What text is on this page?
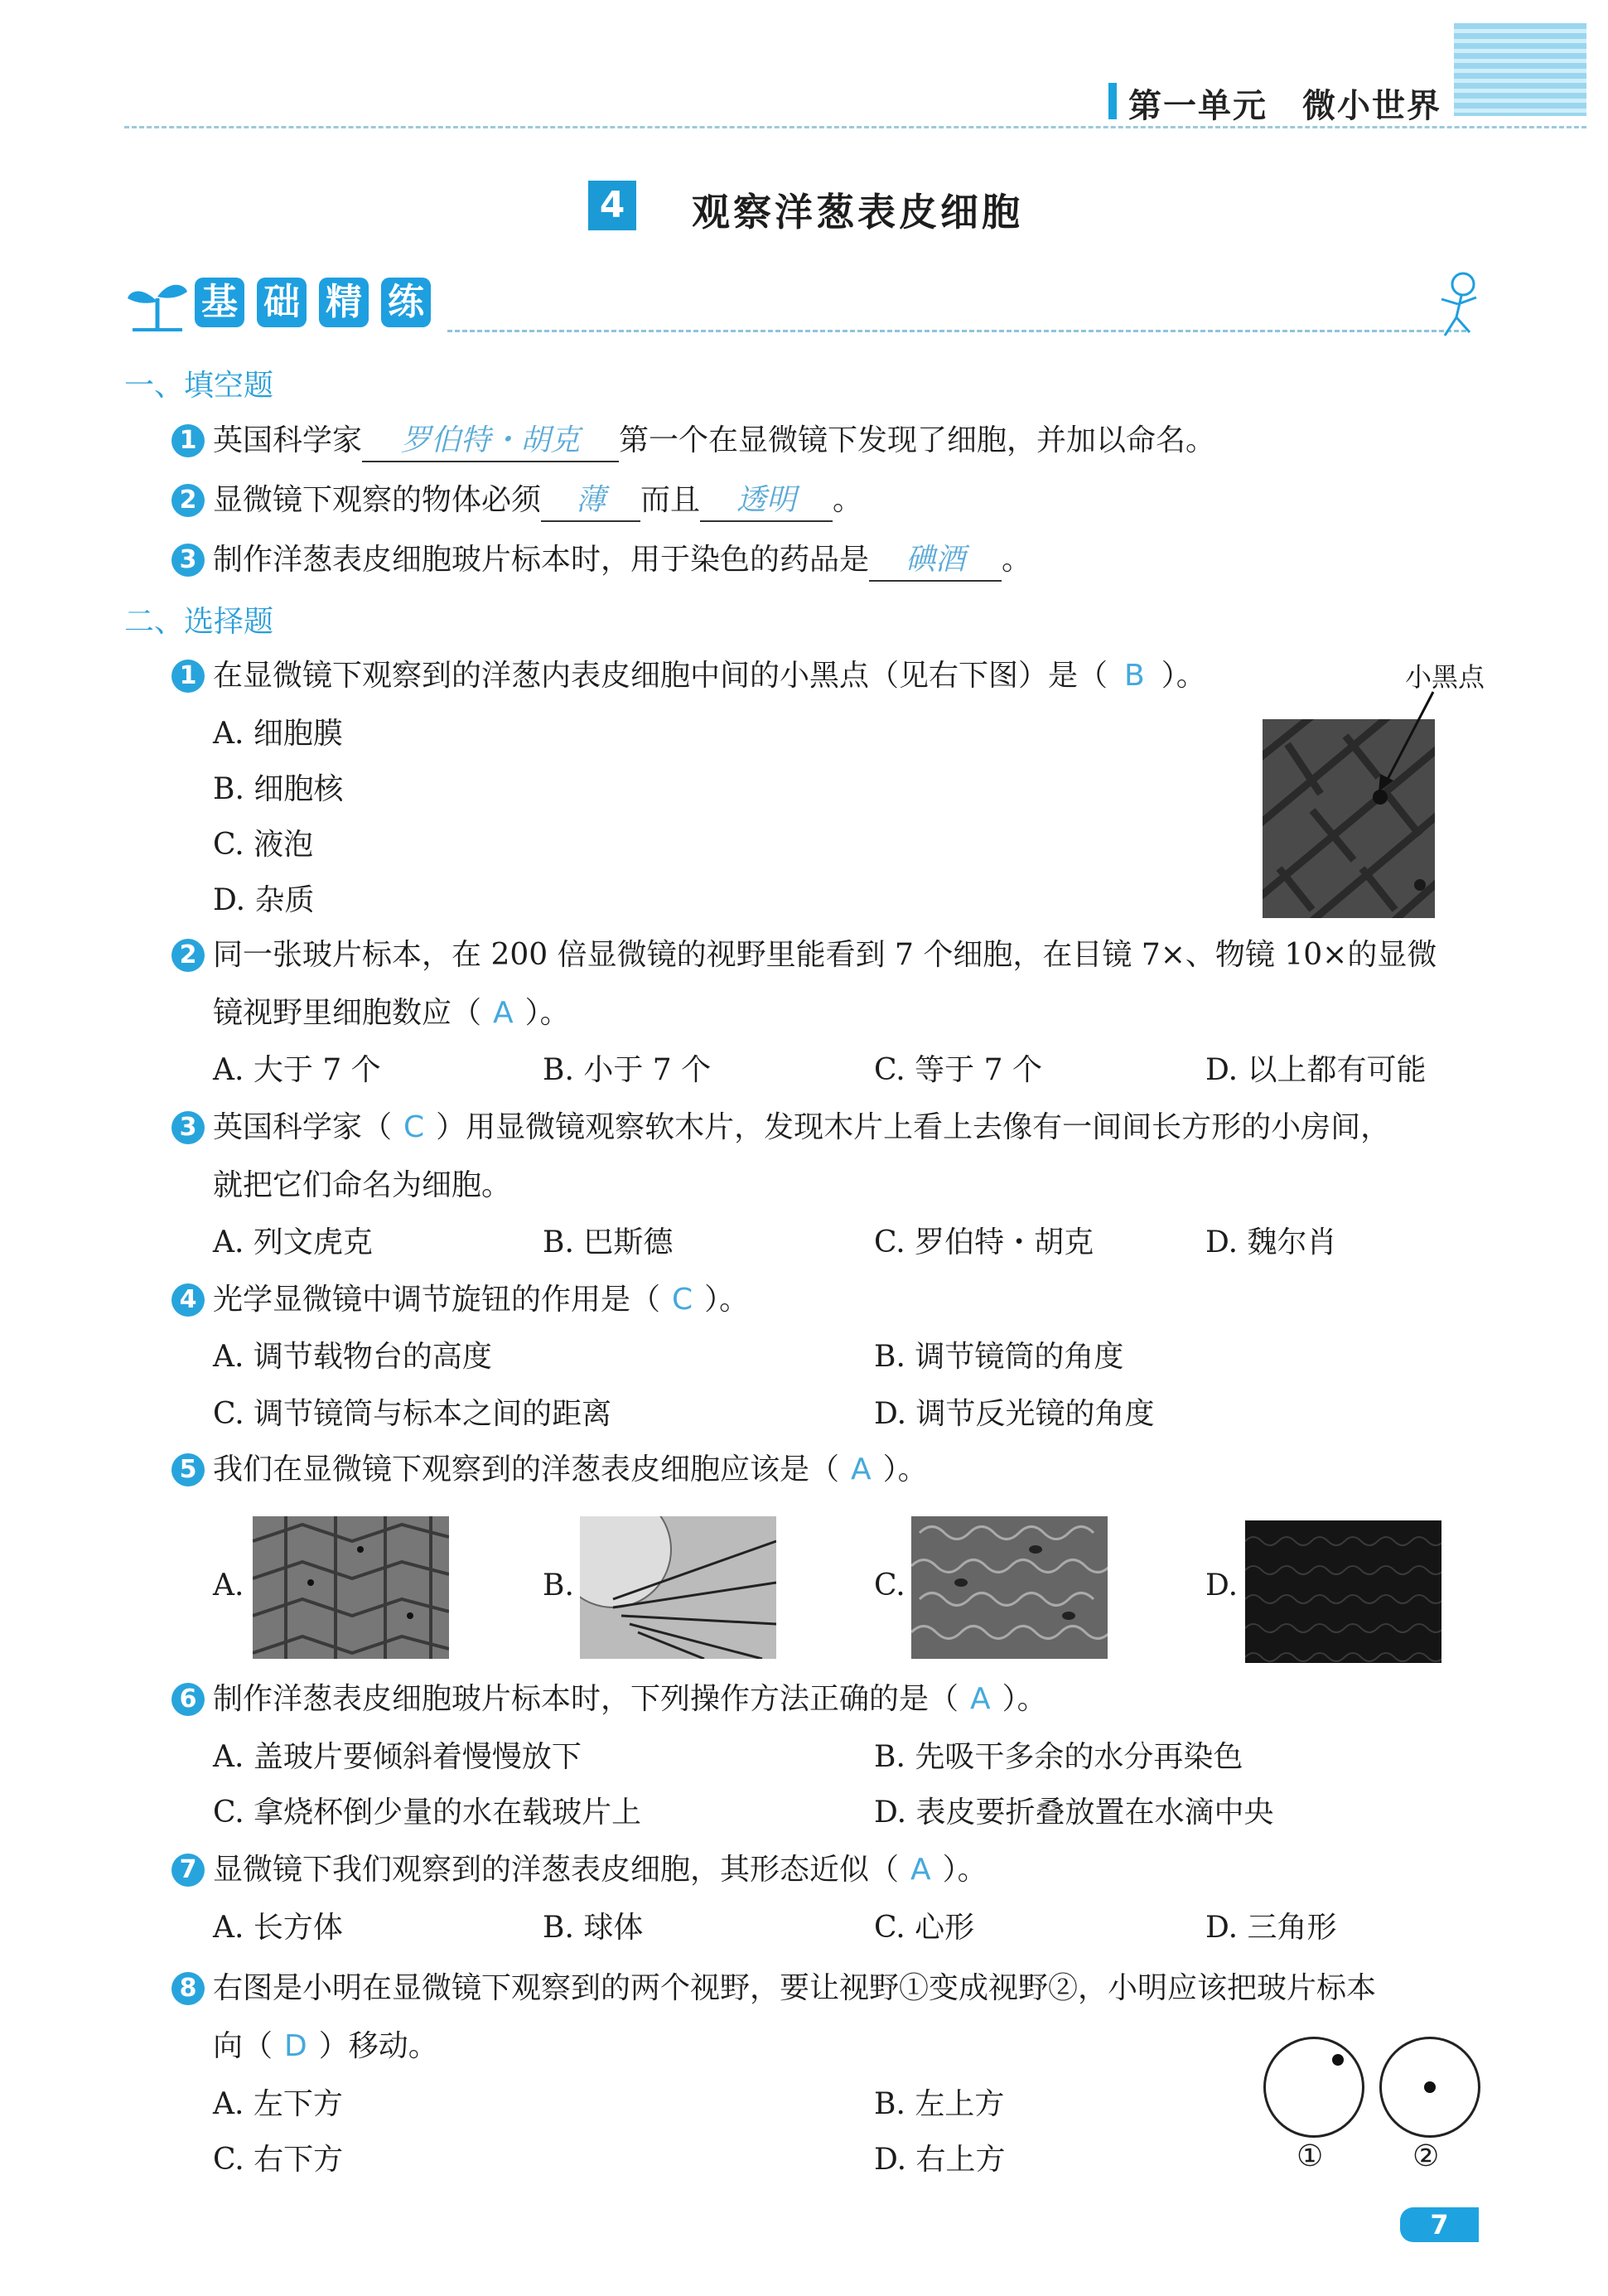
第一单元　微小世界
4 观察洋葱表皮细胞
基 础 精 练
一、填空题
1 英国科学家 罗伯特・胡克 第一个在显微镜下发现了细胞，并加以命名。
2 显微镜下观察的物体必须 薄 而且 透明 。
3 制作洋葱表皮细胞玻片标本时，用于染色的药品是 碘酒 。
二、选择题
1 在显微镜下观察到的洋葱内表皮细胞中间的小黑点（见右下图）是（ B ）。	小黑点
A. 细胞膜
B. 细胞核
C. 液泡
D. 杂质
2 同一张玻片标本，在 200 倍显微镜的视野里能看到 7 个细胞，在目镜 7×、物镜 10×的显微
镜视野里细胞数应（ A ）。
A. 大于 7 个	B. 小于 7 个	C. 等于 7 个	D. 以上都有可能
3 英国科学家（ C ）用显微镜观察软木片，发现木片上看上去像有一间间长方形的小房间，
就把它们命名为细胞。
A. 列文虎克	B. 巴斯德	C. 罗伯特・胡克	D. 魏尔肖
4 光学显微镜中调节旋钮的作用是（ C ）。
A. 调节载物台的高度	B. 调节镜筒的角度
C. 调节镜筒与标本之间的距离	D. 调节反光镜的角度
5 我们在显微镜下观察到的洋葱表皮细胞应该是（ A ）。
A.	B.	C.	D.
6 制作洋葱表皮细胞玻片标本时，下列操作方法正确的是（ A ）。
A. 盖玻片要倾斜着慢慢放下	B. 先吸干多余的水分再染色
C. 拿烧杯倒少量的水在载玻片上	D. 表皮要折叠放置在水滴中央
7 显微镜下我们观察到的洋葱表皮细胞，其形态近似（ A ）。
A. 长方体	B. 球体	C. 心形	D. 三角形
8 右图是小明在显微镜下观察到的两个视野，要让视野①变成视野②，小明应该把玻片标本
向（ D ）移动。
A. 左下方	B. 左上方
C. 右下方	D. 右上方	①	②
7
